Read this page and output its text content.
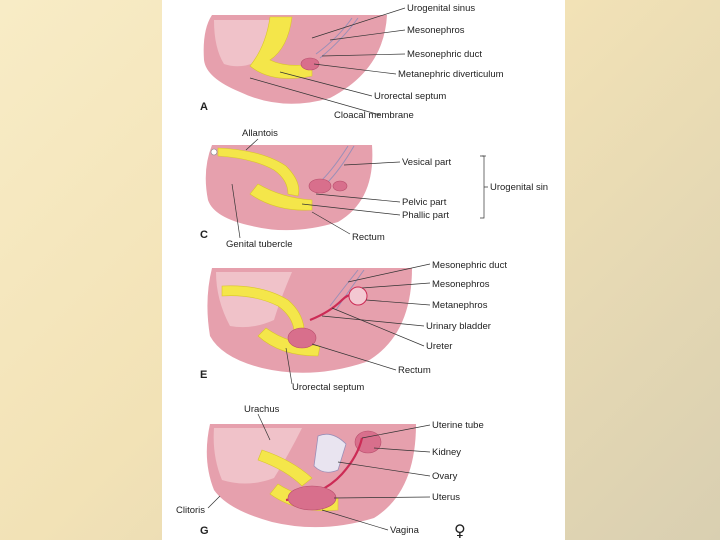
A
Urogenital sinus
Mesonephros
Mesonephric duct
Metanephric diverticulum
Urorectal septum
Cloacal membrane
C
Allantois
Vesical part
Urogenital sin
Pelvic part
Phallic part
Genital tubercle
Rectum
E
Mesonephric duct
Mesonephros
Metanephros
Urinary bladder
Ureter
Rectum
Urorectal septum
G
Urachus
Uterine tube
Kidney
Ovary
Uterus
Clitoris
Vagina ♀
